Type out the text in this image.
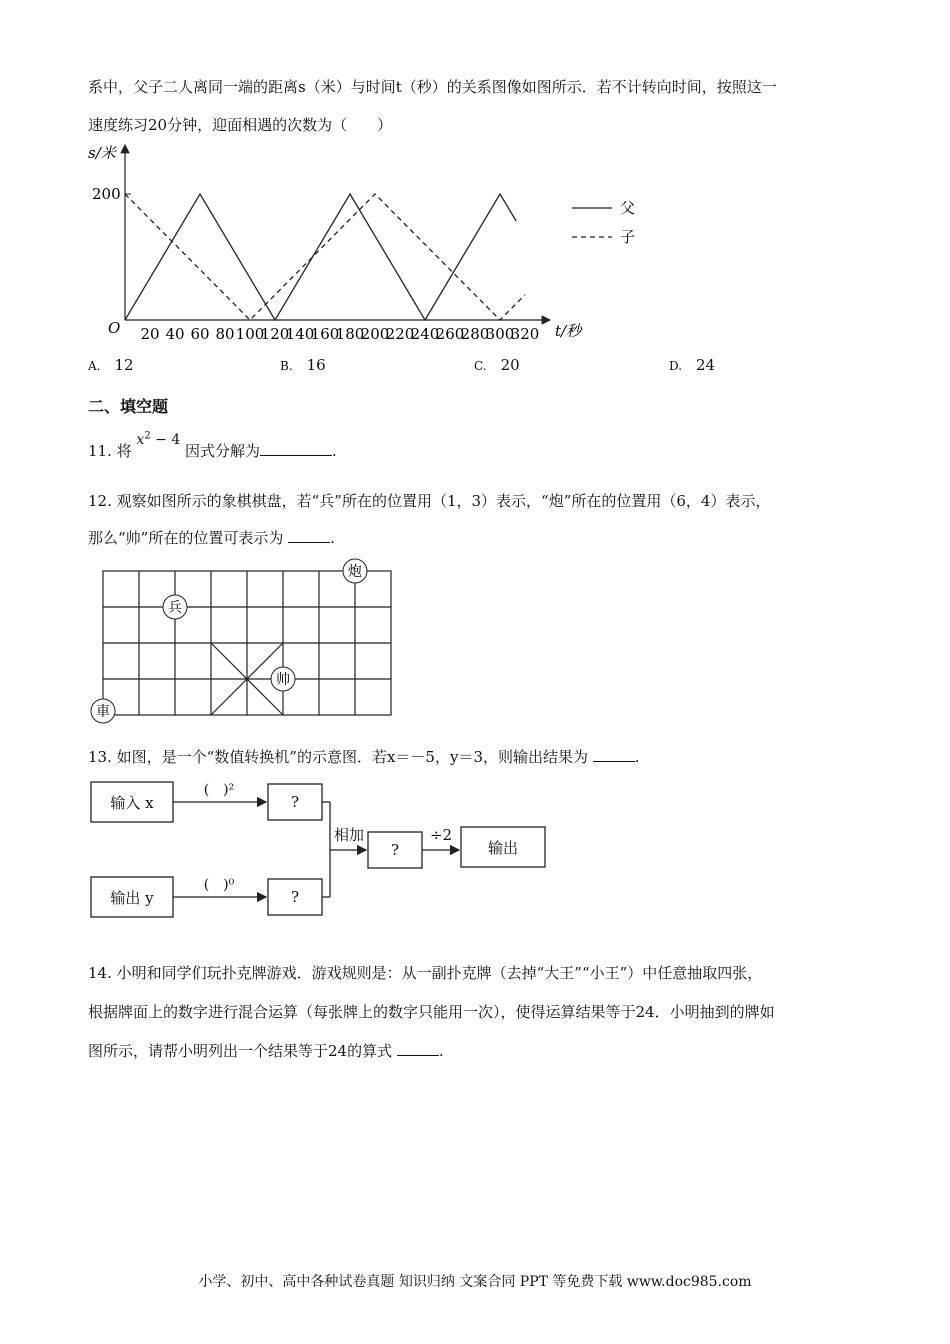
系中，父子二人离同一端的距离s（米）与时间t（秒）的关系图像如图所示．若不计转向时间，按照这一
速度练习20分钟，迎面相遇的次数为（　　）
s/米
t/秒
O
200
20 40 60 80 100
120
140
160
180
200
220
240
260
280
300
320
父
子
A. 12	B. 16	C. 20	D. 24
二、填空题
11. 将 $x^2 - 4$ 因式分解为	.
12. 观察如图所示的象棋棋盘，若“兵”所在的位置用（1，3）表示，“炮”所在的位置用（6，4）表示，
那么“帅”所在的位置可表示为	.
兵
炮
帅
車
13. 如图，是一个“数值转换机”的示意图．若x＝－5，y＝3，则输出结果为	.
输入 x
输出 y
(　)²
(　)⁰
?
?
?
相加	÷2
输出
14. 小明和同学们玩扑克牌游戏．游戏规则是：从一副扑克牌（去掉“大王”“小王”）中任意抽取四张，
根据牌面上的数字进行混合运算（每张牌上的数字只能用一次），使得运算结果等于24．小明抽到的牌如
图所示，请帮小明列出一个结果等于24的算式	.
小学、初中、高中各种试卷真题 知识归纳 文案合同 PPT 等免费下载 www.doc985.com
